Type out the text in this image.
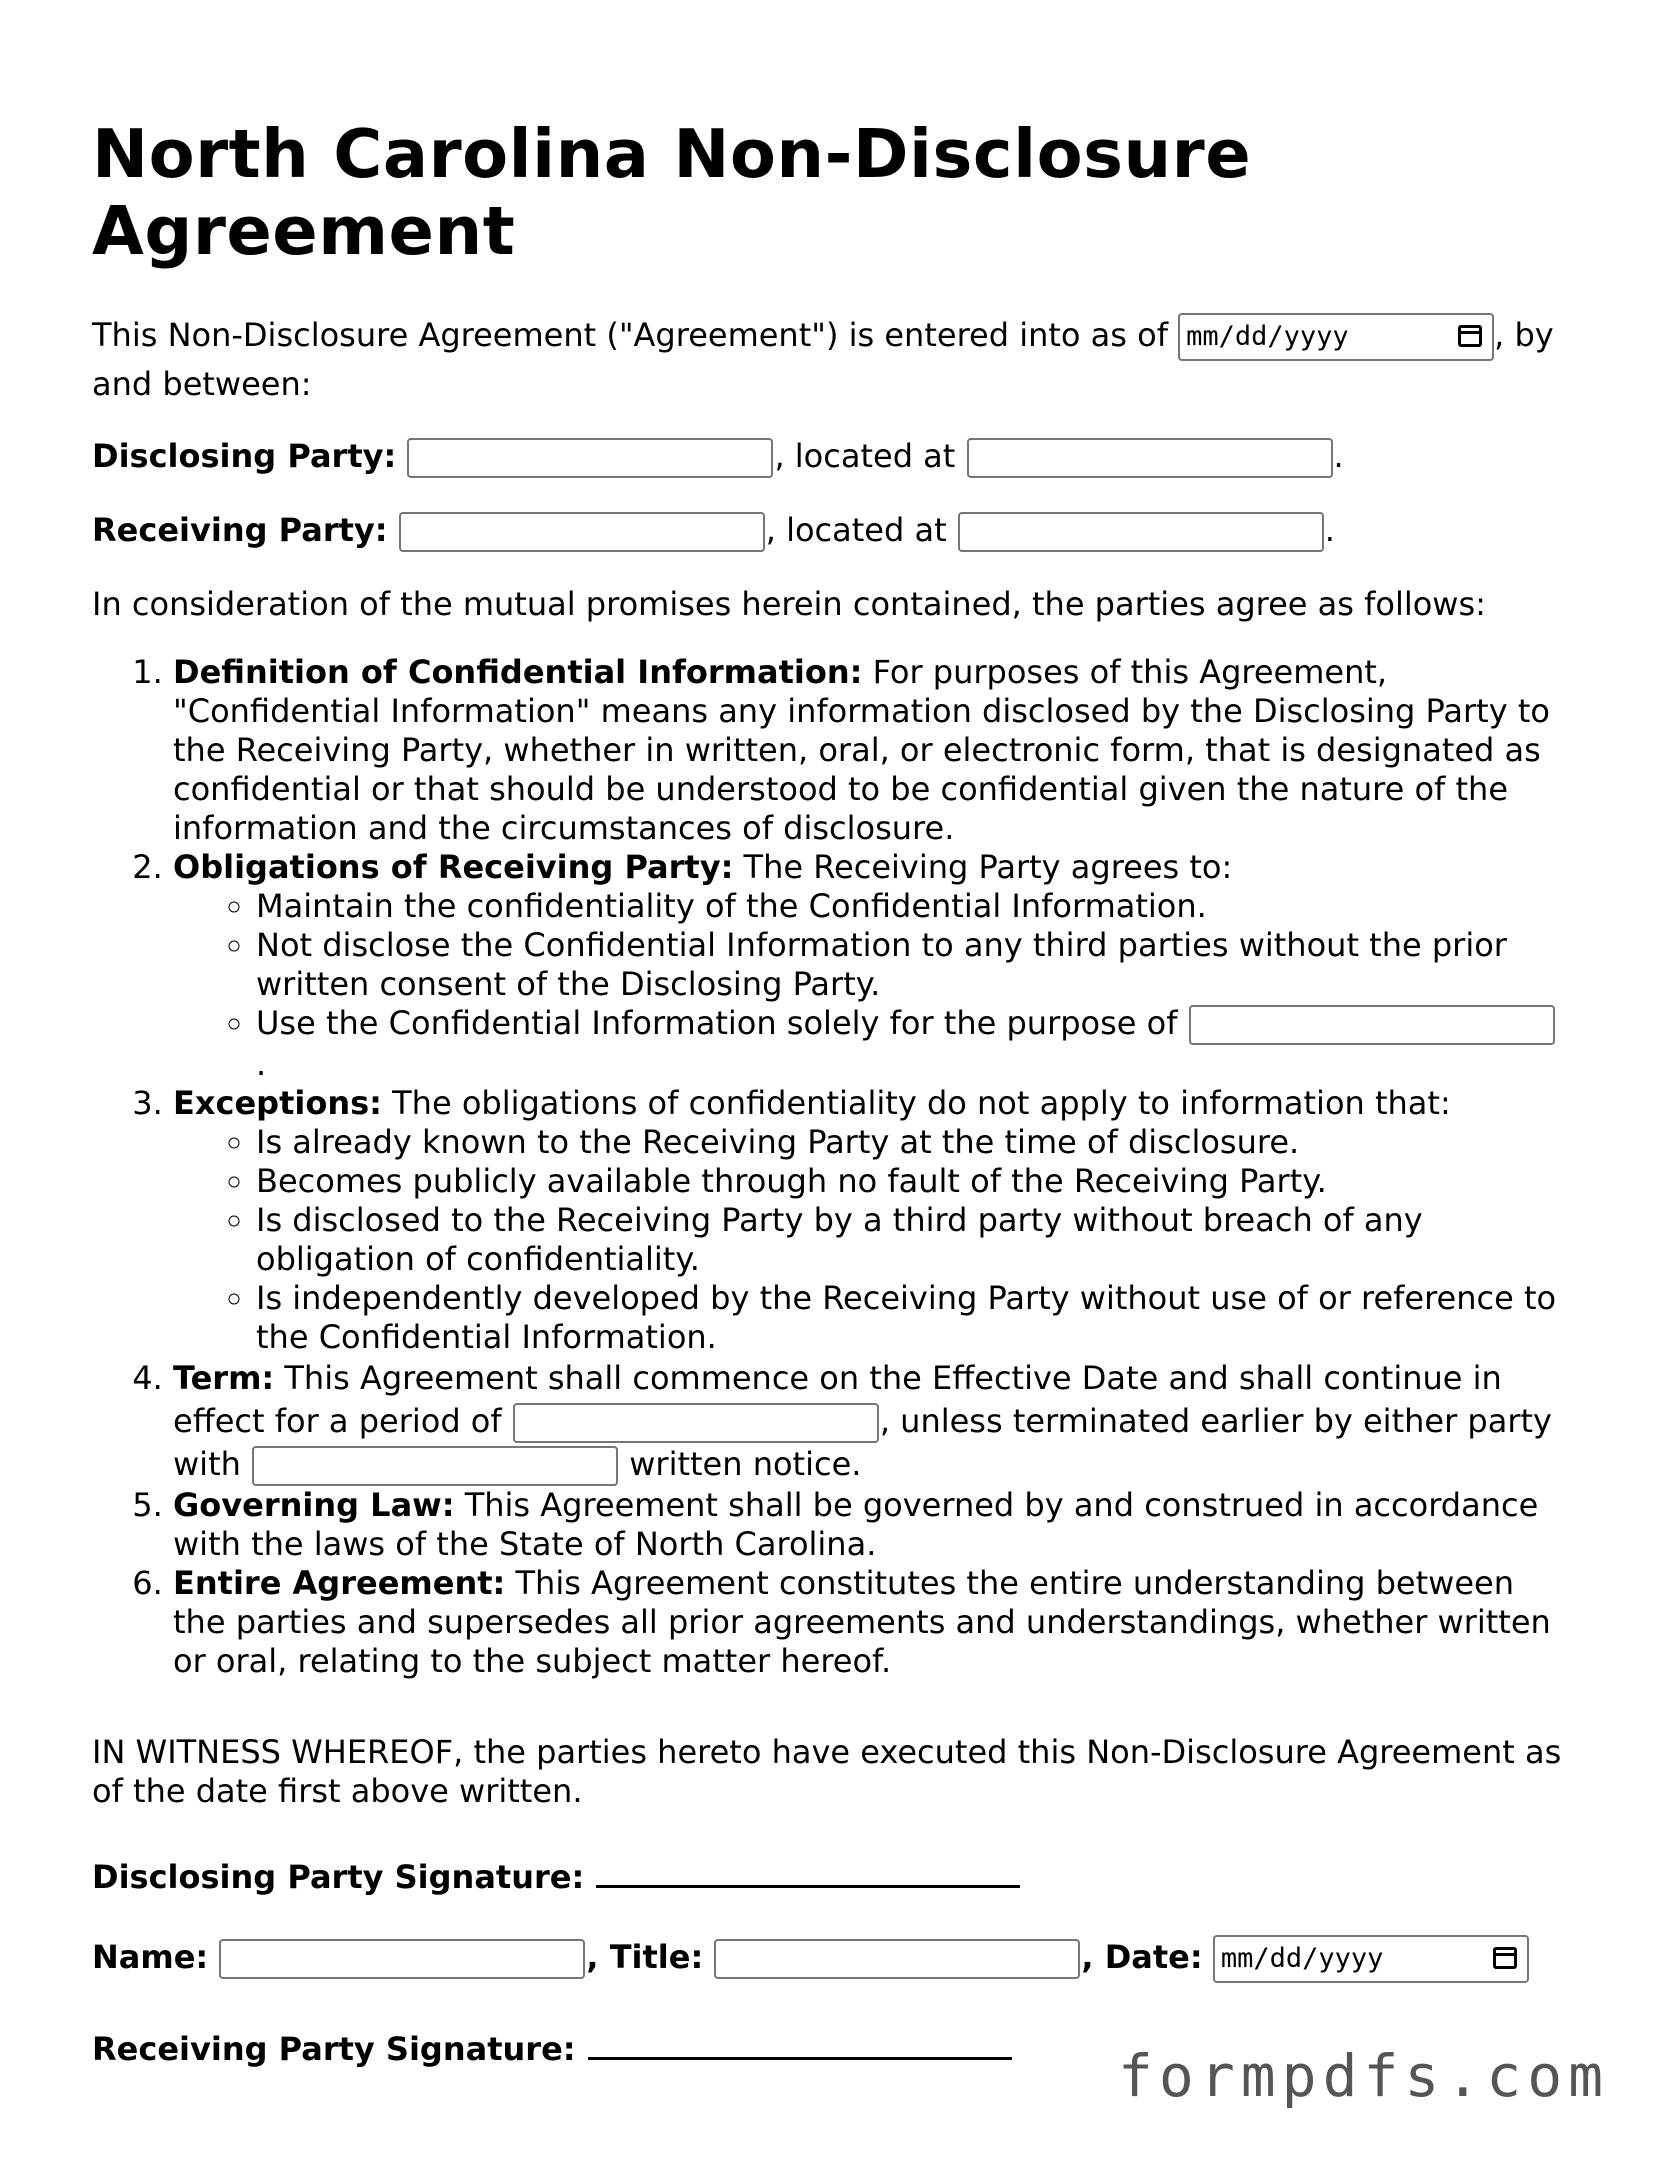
North Carolina Non-Disclosure Agreement

This Non-Disclosure Agreement ("Agreement") is entered into as of mm/dd/yyyy	, by and between:

Disclosing Party:	, located at	.

Receiving Party:	, located at	.

In consideration of the mutual promises herein contained, the parties agree as follows:

1. Definition of Confidential Information: For purposes of this Agreement, "Confidential Information" means any information disclosed by the Disclosing Party to the Receiving Party, whether in written, oral, or electronic form, that is designated as confidential or that should be understood to be confidential given the nature of the information and the circumstances of disclosure.
2. Obligations of Receiving Party: The Receiving Party agrees to:
◦ Maintain the confidentiality of the Confidential Information.
◦ Not disclose the Confidential Information to any third parties without the prior written consent of the Disclosing Party.
◦ Use the Confidential Information solely for the purpose of
.
3. Exceptions: The obligations of confidentiality do not apply to information that:
◦ Is already known to the Receiving Party at the time of disclosure.
◦ Becomes publicly available through no fault of the Receiving Party.
◦ Is disclosed to the Receiving Party by a third party without breach of any obligation of confidentiality.
◦ Is independently developed by the Receiving Party without use of or reference to the Confidential Information.
4. Term: This Agreement shall commence on the Effective Date and shall continue in effect for a period of	, unless terminated earlier by either party with	written notice.
5. Governing Law: This Agreement shall be governed by and construed in accordance with the laws of the State of North Carolina.
6. Entire Agreement: This Agreement constitutes the entire understanding between the parties and supersedes all prior agreements and understandings, whether written or oral, relating to the subject matter hereof.

IN WITNESS WHEREOF, the parties hereto have executed this Non-Disclosure Agreement as of the date first above written.

Disclosing Party Signature:
Name:	, Title:	, Date: mm/dd/yyyy
Receiving Party Signature:	formpdfs.com
